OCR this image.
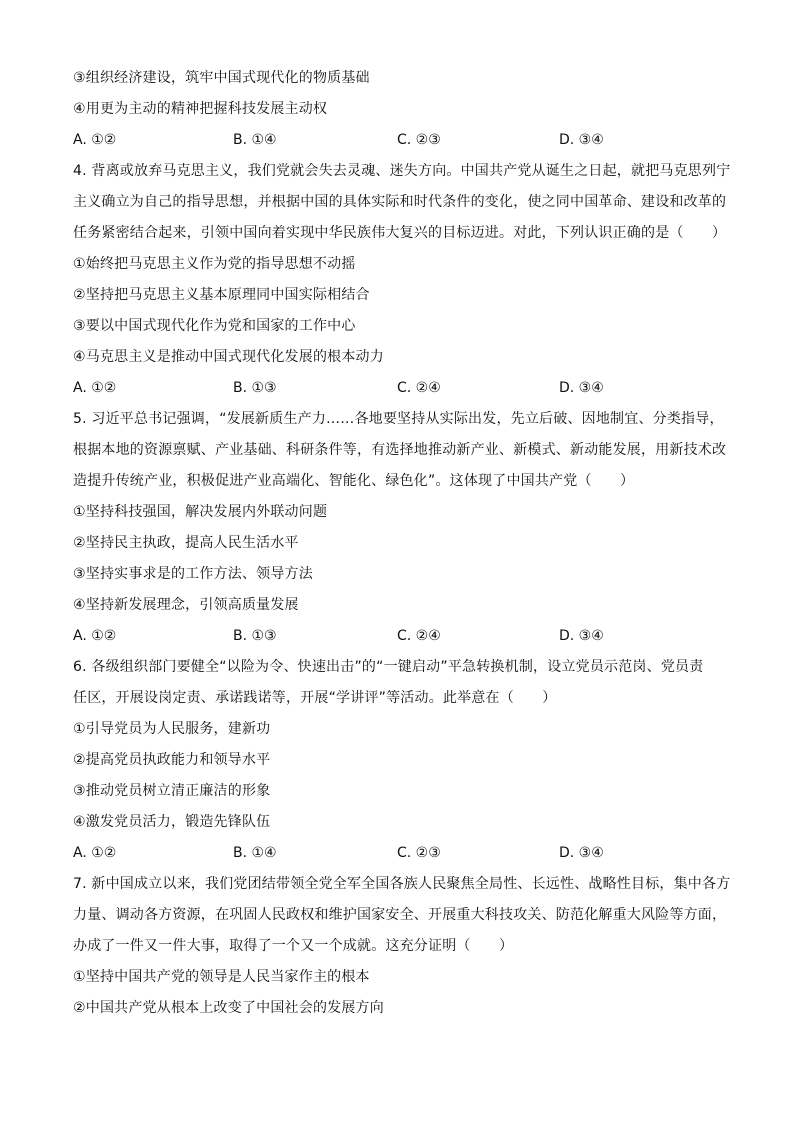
③组织经济建设，筑牢中国式现代化的物质基础
④用更为主动的精神把握科技发展主动权
A. ①②	B. ①④	C. ②③	D. ③④
4. 背离或放弃马克思主义，我们党就会失去灵魂、迷失方向。中国共产党从诞生之日起，就把马克思列宁
主义确立为自己的指导思想，并根据中国的具体实际和时代条件的变化，使之同中国革命、建设和改革的
任务紧密结合起来，引领中国向着实现中华民族伟大复兴的目标迈进。对此，下列认识正确的是（　　）
①始终把马克思主义作为党的指导思想不动摇
②坚持把马克思主义基本原理同中国实际相结合
③要以中国式现代化作为党和国家的工作中心
④马克思主义是推动中国式现代化发展的根本动力
A. ①②	B. ①③	C. ②④	D. ③④
5. 习近平总书记强调，“发展新质生产力……各地要坚持从实际出发，先立后破、因地制宜、分类指导，
根据本地的资源禀赋、产业基础、科研条件等，有选择地推动新产业、新模式、新动能发展，用新技术改
造提升传统产业，积极促进产业高端化、智能化、绿色化”。这体现了中国共产党（　　）
①坚持科技强国，解决发展内外联动问题
②坚持民主执政，提高人民生活水平
③坚持实事求是的工作方法、领导方法
④坚持新发展理念，引领高质量发展
A. ①②	B. ①③	C. ②④	D. ③④
6. 各级组织部门要健全“以险为令、快速出击”的“一键启动”平急转换机制，设立党员示范岗、党员责
任区，开展设岗定责、承诺践诺等，开展“学讲评”等活动。此举意在（　　）
①引导党员为人民服务，建新功
②提高党员执政能力和领导水平
③推动党员树立清正廉洁的形象
④激发党员活力，锻造先锋队伍
A. ①②	B. ①④	C. ②③	D. ③④
7. 新中国成立以来，我们党团结带领全党全军全国各族人民聚焦全局性、长远性、战略性目标，集中各方
力量、调动各方资源，在巩固人民政权和维护国家安全、开展重大科技攻关、防范化解重大风险等方面，
办成了一件又一件大事，取得了一个又一个成就。这充分证明（　　）
①坚持中国共产党的领导是人民当家作主的根本
②中国共产党从根本上改变了中国社会的发展方向
